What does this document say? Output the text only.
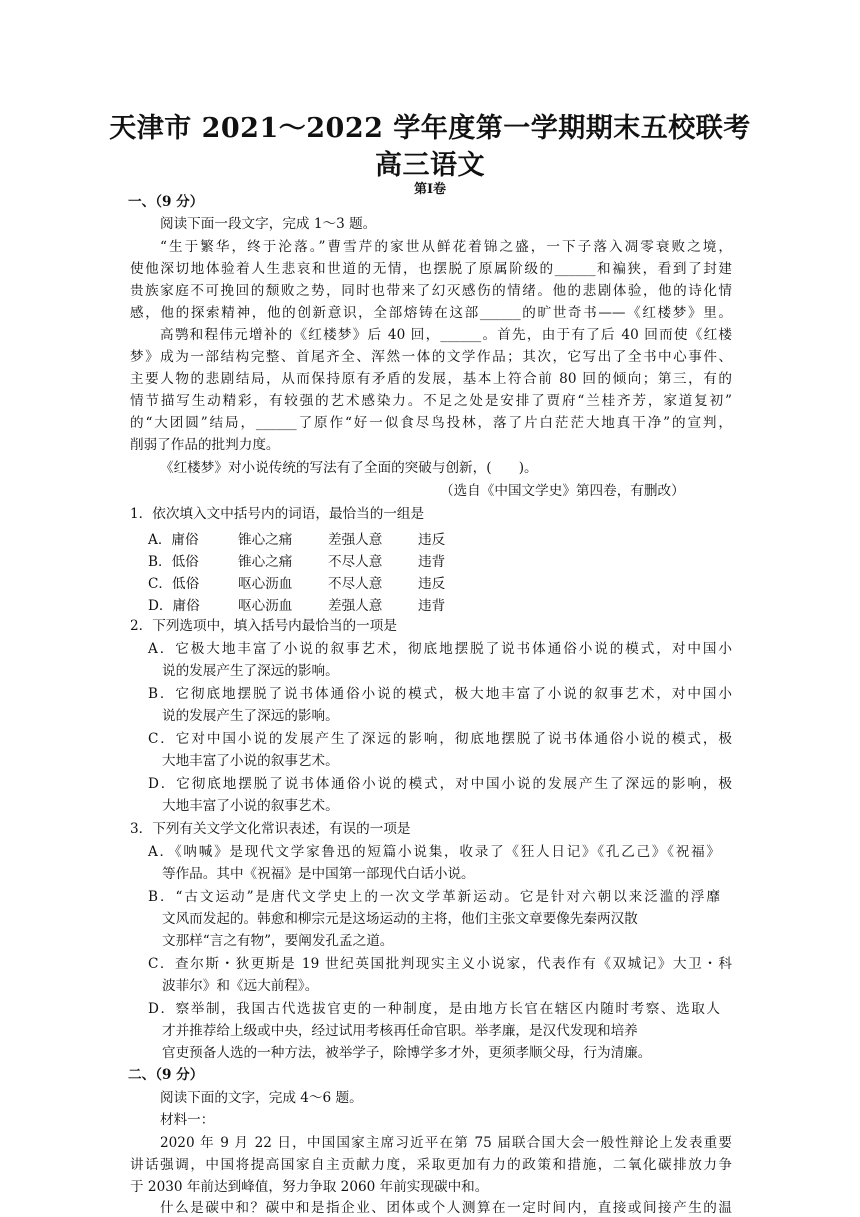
天津市 2021～2022 学年度第一学期期末五校联考
高三语文
第Ⅰ卷
一、（9 分）
阅读下面一段文字，完成 1～3 题。
“生于繁华，终于沦落。”曹雪芹的家世从鲜花着锦之盛，一下子落入凋零衰败之境，
使他深切地体验着人生悲哀和世道的无情，也摆脱了原属阶级的______和褊狭，看到了封建
贵族家庭不可挽回的颓败之势，同时也带来了幻灭感伤的情绪。他的悲剧体验，他的诗化情
感，他的探索精神，他的创新意识，全部熔铸在这部______的旷世奇书——《红楼梦》里。
高鹗和程伟元增补的《红楼梦》后 40 回，______。首先，由于有了后 40 回而使《红楼
梦》成为一部结构完整、首尾齐全、浑然一体的文学作品；其次，它写出了全书中心事件、
主要人物的悲剧结局，从而保持原有矛盾的发展，基本上符合前 80 回的倾向；第三，有的
情节描写生动精彩，有较强的艺术感染力。不足之处是安排了贾府“兰桂齐芳，家道复初”
的“大团圆”结局，______了原作“好一似食尽鸟投林，落了片白茫茫大地真干净”的宣判，
削弱了作品的批判力度。
《红楼梦》对小说传统的写法有了全面的突破与创新，(　　)。
（选自《中国文学史》第四卷，有删改）
1．依次填入文中括号内的词语，最恰当的一组是
A．庸俗	锥心之痛	差强人意	违反
B．低俗	锥心之痛	不尽人意	违背
C．低俗	呕心沥血	不尽人意	违反
D．庸俗	呕心沥血	差强人意	违背
2．下列选项中，填入括号内最恰当的一项是
A．它极大地丰富了小说的叙事艺术，彻底地摆脱了说书体通俗小说的模式，对中国小
说的发展产生了深远的影响。
B．它彻底地摆脱了说书体通俗小说的模式，极大地丰富了小说的叙事艺术，对中国小
说的发展产生了深远的影响。
C．它对中国小说的发展产生了深远的影响，彻底地摆脱了说书体通俗小说的模式，极
大地丰富了小说的叙事艺术。
D．它彻底地摆脱了说书体通俗小说的模式，对中国小说的发展产生了深远的影响，极
大地丰富了小说的叙事艺术。
3．下列有关文学文化常识表述，有误的一项是
A．《呐喊》是现代文学家鲁迅的短篇小说集，收录了《狂人日记》《孔乙己》《祝福》
等作品。其中《祝福》是中国第一部现代白话小说。
B．“古文运动”是唐代文学史上的一次文学革新运动。它是针对六朝以来泛滥的浮靡
文风而发起的。韩愈和柳宗元是这场运动的主将，他们主张文章要像先秦两汉散
文那样“言之有物”，要阐发孔孟之道。
C．查尔斯・狄更斯是 19 世纪英国批判现实主义小说家，代表作有《双城记》大卫・科
波菲尔》和《远大前程》。
D．察举制，我国古代选拔官吏的一种制度，是由地方长官在辖区内随时考察、选取人
才并推荐给上级或中央，经过试用考核再任命官职。举孝廉，是汉代发现和培养
官吏预备人选的一种方法，被举学子，除博学多才外，更须孝顺父母，行为清廉。
二、（9 分）
阅读下面的文字，完成 4～6 题。
材料一：
2020 年 9 月 22 日，中国国家主席习近平在第 75 届联合国大会一般性辩论上发表重要
讲话强调，中国将提高国家自主贡献力度，采取更加有力的政策和措施，二氧化碳排放力争
于 2030 年前达到峰值，努力争取 2060 年前实现碳中和。
什么是碳中和？碳中和是指企业、团体或个人测算在一定时间内，直接或间接产生的温
